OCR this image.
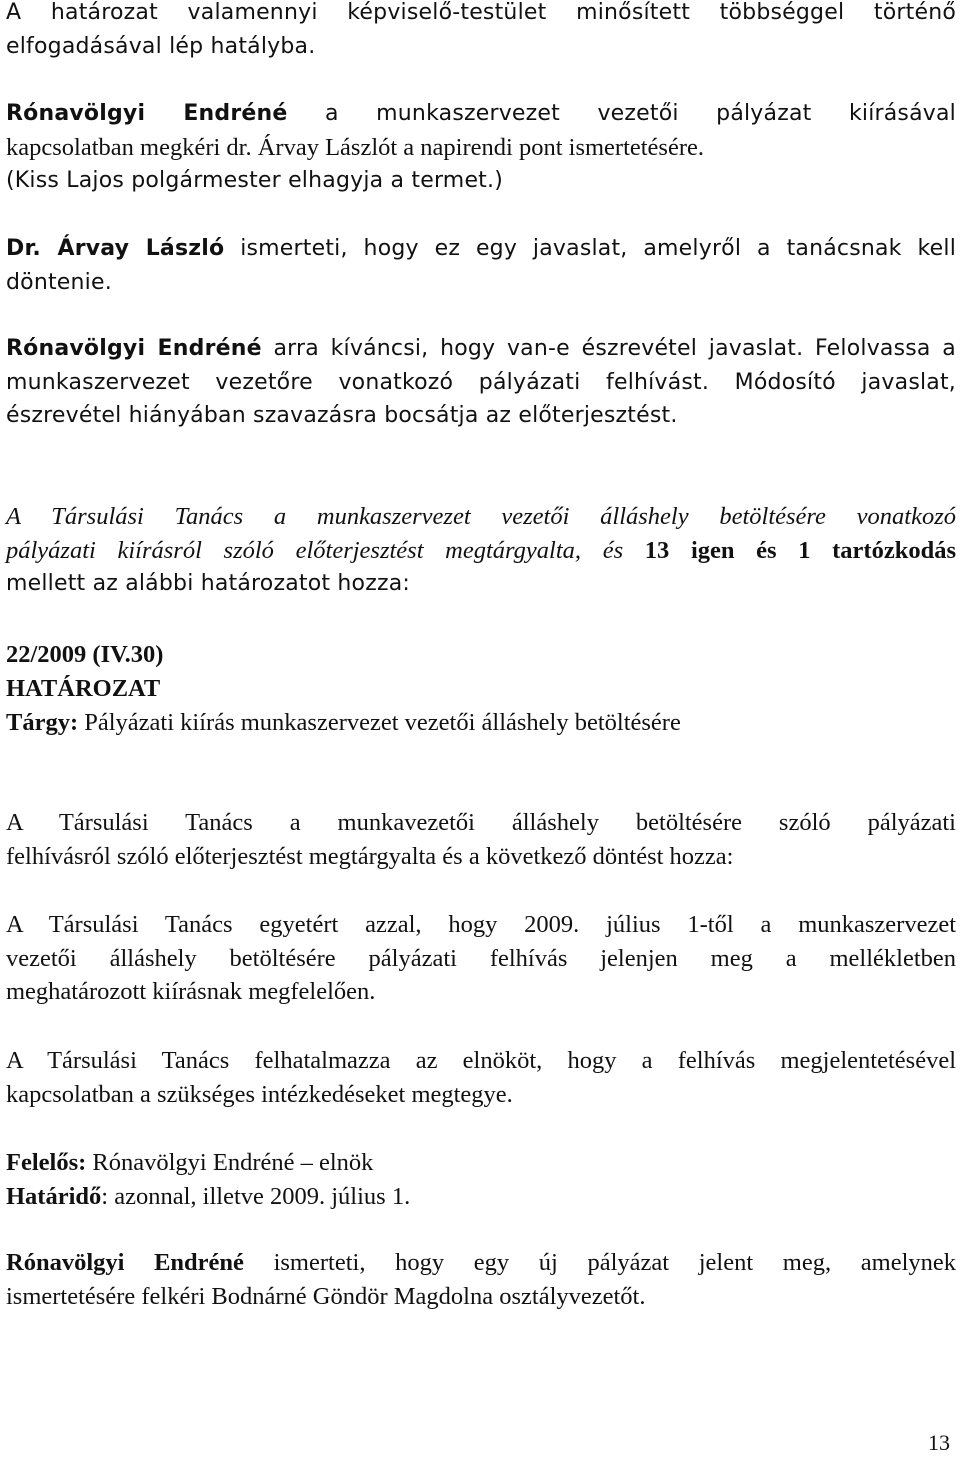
A határozat valamennyi képviselő-testület minősített többséggel történő
elfogadásával lép hatályba.
Rónavölgyi Endréné a munkaszervezet vezetői pályázat kiírásával
kapcsolatban megkéri dr. Árvay Lászlót a napirendi pont ismertetésére.
(Kiss Lajos polgármester elhagyja a termet.)
Dr. Árvay László ismerteti, hogy ez egy javaslat, amelyről a tanácsnak kell
döntenie.
Rónavölgyi Endréné arra kíváncsi, hogy van-e észrevétel javaslat. Felolvassa a
munkaszervezet vezetőre vonatkozó pályázati felhívást. Módosító javaslat,
észrevétel hiányában szavazásra bocsátja az előterjesztést.
A Társulási Tanács a munkaszervezet vezetői álláshely betöltésére vonatkozó
pályázati kiírásról szóló előterjesztést megtárgyalta, és 13 igen és 1 tartózkodás
mellett az alábbi határozatot hozza:

22/2009 (IV.30)

HATÁROZAT

Tárgy: Pályázati kiírás munkaszervezet vezetői álláshely betöltésére

A Társulási Tanács a munkavezetői álláshely betöltésére szóló pályázati
felhívásról szóló előterjesztést megtárgyalta és a következő döntést hozza:
A Társulási Tanács egyetért azzal, hogy 2009. július 1-től a munkaszervezet
vezetői álláshely betöltésére pályázati felhívás jelenjen meg a mellékletben
meghatározott kiírásnak megfelelően.
A Társulási Tanács felhatalmazza az elnököt, hogy a felhívás megjelentetésével
kapcsolatban a szükséges intézkedéseket megtegye.

Felelős: Rónavölgyi Endréné – elnök

Határidő: azonnal, illetve 2009. július 1.

Rónavölgyi Endréné ismerteti, hogy egy új pályázat jelent meg, amelynek
ismertetésére felkéri Bodnárné Göndör Magdolna osztályvezetőt.

13
